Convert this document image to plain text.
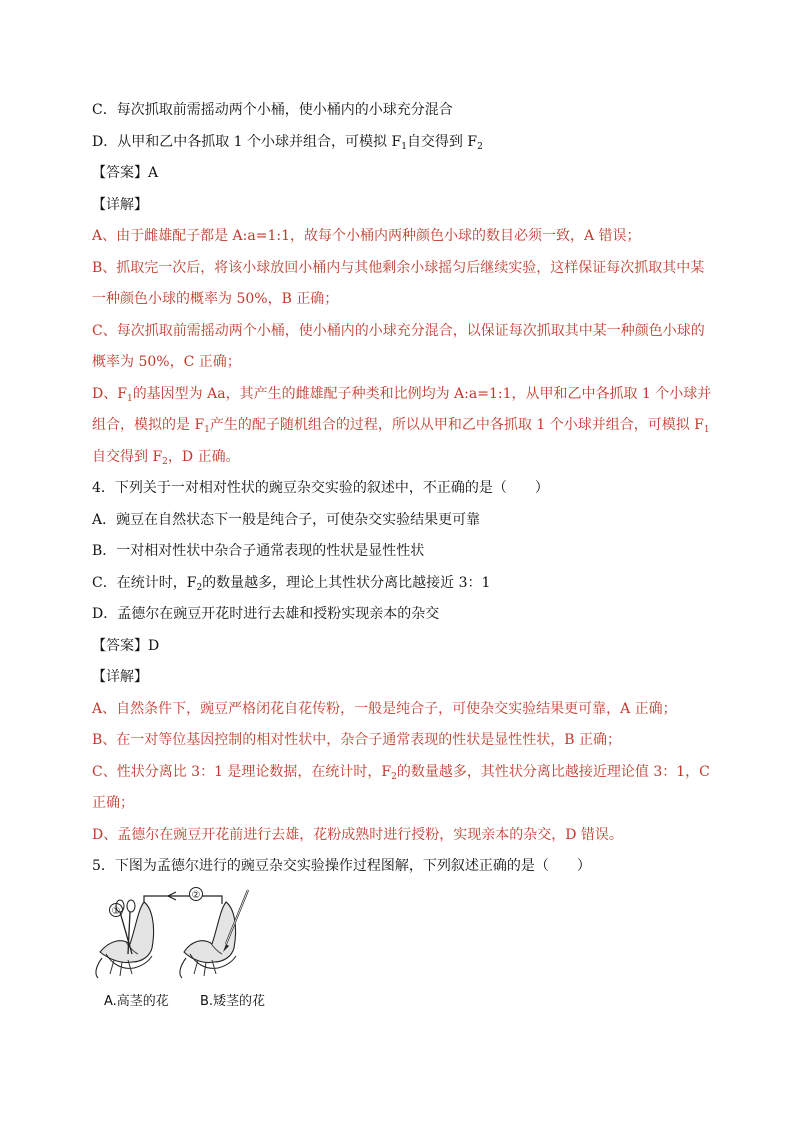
C．每次抓取前需摇动两个小桶，使小桶内的小球充分混合
D．从甲和乙中各抓取 1 个小球并组合，可模拟 $F_1$自交得到 $F_2$
【答案】A
【详解】
A、由于雌雄配子都是 A:a=1:1，故每个小桶内两种颜色小球的数目必须一致，A 错误；
B、抓取完一次后，将该小球放回小桶内与其他剩余小球摇匀后继续实验，这样保证每次抓取其中某
一种颜色小球的概率为 50%，B 正确；
C、每次抓取前需摇动两个小桶，使小桶内的小球充分混合，以保证每次抓取其中某一种颜色小球的
概率为 50%，C 正确；
D、$F_1$的基因型为 Aa，其产生的雌雄配子种类和比例均为 A:a=1:1，从甲和乙中各抓取 1 个小球并
组合，模拟的是 $F_1$产生的配子随机组合的过程，所以从甲和乙中各抓取 1 个小球并组合，可模拟 $F_1$
自交得到 $F_2$，D 正确。
4．下列关于一对相对性状的豌豆杂交实验的叙述中，不正确的是（　　）
A．豌豆在自然状态下一般是纯合子，可使杂交实验结果更可靠
B．一对相对性状中杂合子通常表现的性状是显性性状
C．在统计时，$F_2$的数量越多，理论上其性状分离比越接近 3：1
D．孟德尔在豌豆开花时进行去雄和授粉实现亲本的杂交
【答案】D
【详解】
A、自然条件下，豌豆严格闭花自花传粉，一般是纯合子，可使杂交实验结果更可靠，A 正确；
B、在一对等位基因控制的相对性状中，杂合子通常表现的性状是显性性状，B 正确；
C、性状分离比 3：1 是理论数据，在统计时，$F_2$的数量越多，其性状分离比越接近理论值 3：1，C
正确；
D、孟德尔在豌豆开花前进行去雄，花粉成熟时进行授粉，实现亲本的杂交，D 错误。
5．下图为孟德尔进行的豌豆杂交实验操作过程图解，下列叙述正确的是（　　）
①
②
A.高茎的花 B.矮茎的花
